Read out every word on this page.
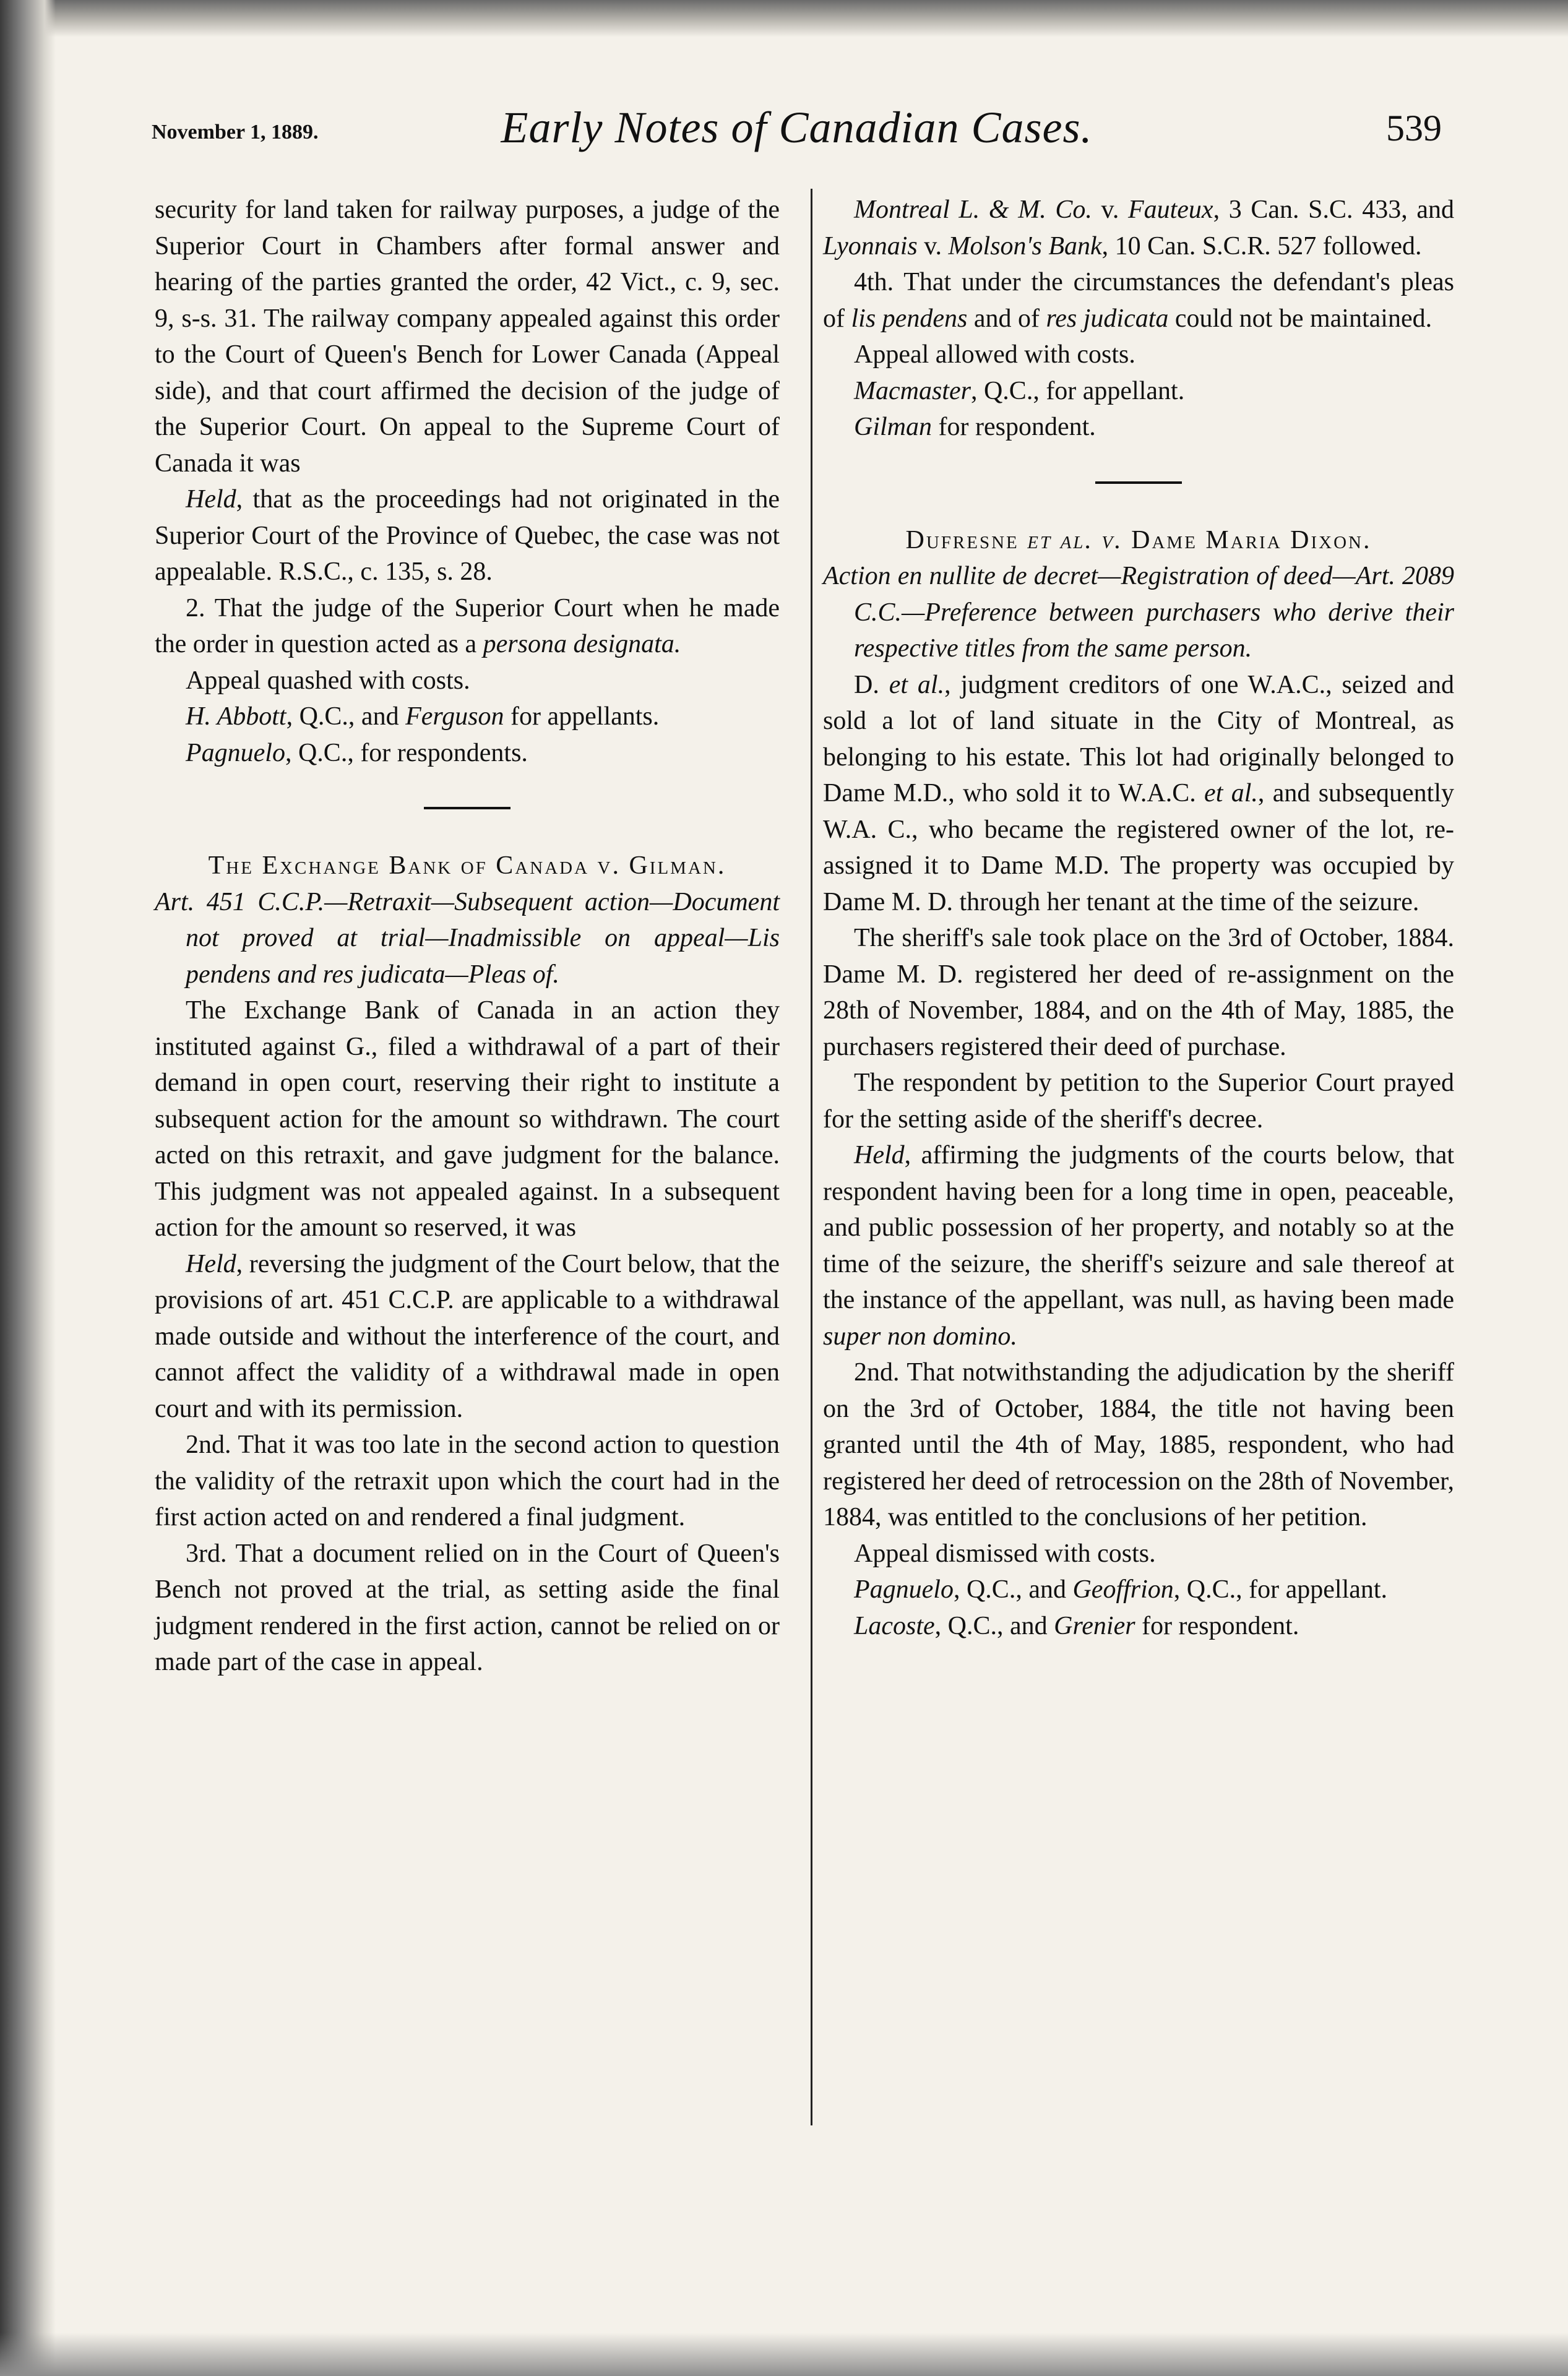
November 1, 1889.	Early Notes of Canadian Cases.	539

security for land taken for railway purposes, a judge of the Superior Court in Chambers after formal answer and hearing of the parties granted the order, 42 Vict., c. 9, sec. 9, s-s. 31. The railway company appealed against this order to the Court of Queen's Bench for Lower Canada (Appeal side), and that court affirmed the decision of the judge of the Superior Court. On appeal to the Supreme Court of Canada it was

Held, that as the proceedings had not originated in the Superior Court of the Province of Quebec, the case was not appealable. R.S.C., c. 135, s. 28.

2. That the judge of the Superior Court when he made the order in question acted as a persona designata.

Appeal quashed with costs.

H. Abbott, Q.C., and Ferguson for appellants.

Pagnuelo, Q.C., for respondents.

The Exchange Bank of Canada v. Gilman.

Art. 451 C.C.P.—Retraxit—Subsequent action—Document not proved at trial—Inadmissible on appeal—Lis pendens and res judicata—Pleas of.

The Exchange Bank of Canada in an action they instituted against G., filed a withdrawal of a part of their demand in open court, reserving their right to institute a subsequent action for the amount so withdrawn. The court acted on this retraxit, and gave judgment for the balance. This judgment was not appealed against. In a subsequent action for the amount so reserved, it was

Held, reversing the judgment of the Court below, that the provisions of art. 451 C.C.P. are applicable to a withdrawal made outside and without the interference of the court, and cannot affect the validity of a withdrawal made in open court and with its permission.

2nd. That it was too late in the second action to question the validity of the retraxit upon which the court had in the first action acted on and rendered a final judgment.

3rd. That a document relied on in the Court of Queen's Bench not proved at the trial, as setting aside the final judgment rendered in the first action, cannot be relied on or made part of the case in appeal.

Montreal L. & M. Co. v. Fauteux, 3 Can. S.C. 433, and Lyonnais v. Molson's Bank, 10 Can. S.C.R. 527 followed.

4th. That under the circumstances the defendant's pleas of lis pendens and of res judicata could not be maintained.

Appeal allowed with costs.

Macmaster, Q.C., for appellant.

Gilman for respondent.

Dufresne et al. v. Dame Maria Dixon.

Action en nullite de decret—Registration of deed—Art. 2089 C.C.—Preference between purchasers who derive their respective titles from the same person.

D. et al., judgment creditors of one W.A.C., seized and sold a lot of land situate in the City of Montreal, as belonging to his estate. This lot had originally belonged to Dame M.D., who sold it to W.A.C. et al., and subsequently W.A. C., who became the registered owner of the lot, re-assigned it to Dame M.D. The property was occupied by Dame M. D. through her tenant at the time of the seizure.

The sheriff's sale took place on the 3rd of October, 1884. Dame M. D. registered her deed of re-assignment on the 28th of November, 1884, and on the 4th of May, 1885, the purchasers registered their deed of purchase.

The respondent by petition to the Superior Court prayed for the setting aside of the sheriff's decree.

Held, affirming the judgments of the courts below, that respondent having been for a long time in open, peaceable, and public possession of her property, and notably so at the time of the seizure, the sheriff's seizure and sale thereof at the instance of the appellant, was null, as having been made super non domino.

2nd. That notwithstanding the adjudication by the sheriff on the 3rd of October, 1884, the title not having been granted until the 4th of May, 1885, respondent, who had registered her deed of retrocession on the 28th of November, 1884, was entitled to the conclusions of her petition.

Appeal dismissed with costs.

Pagnuelo, Q.C., and Geoffrion, Q.C., for appellant.

Lacoste, Q.C., and Grenier for respondent.
